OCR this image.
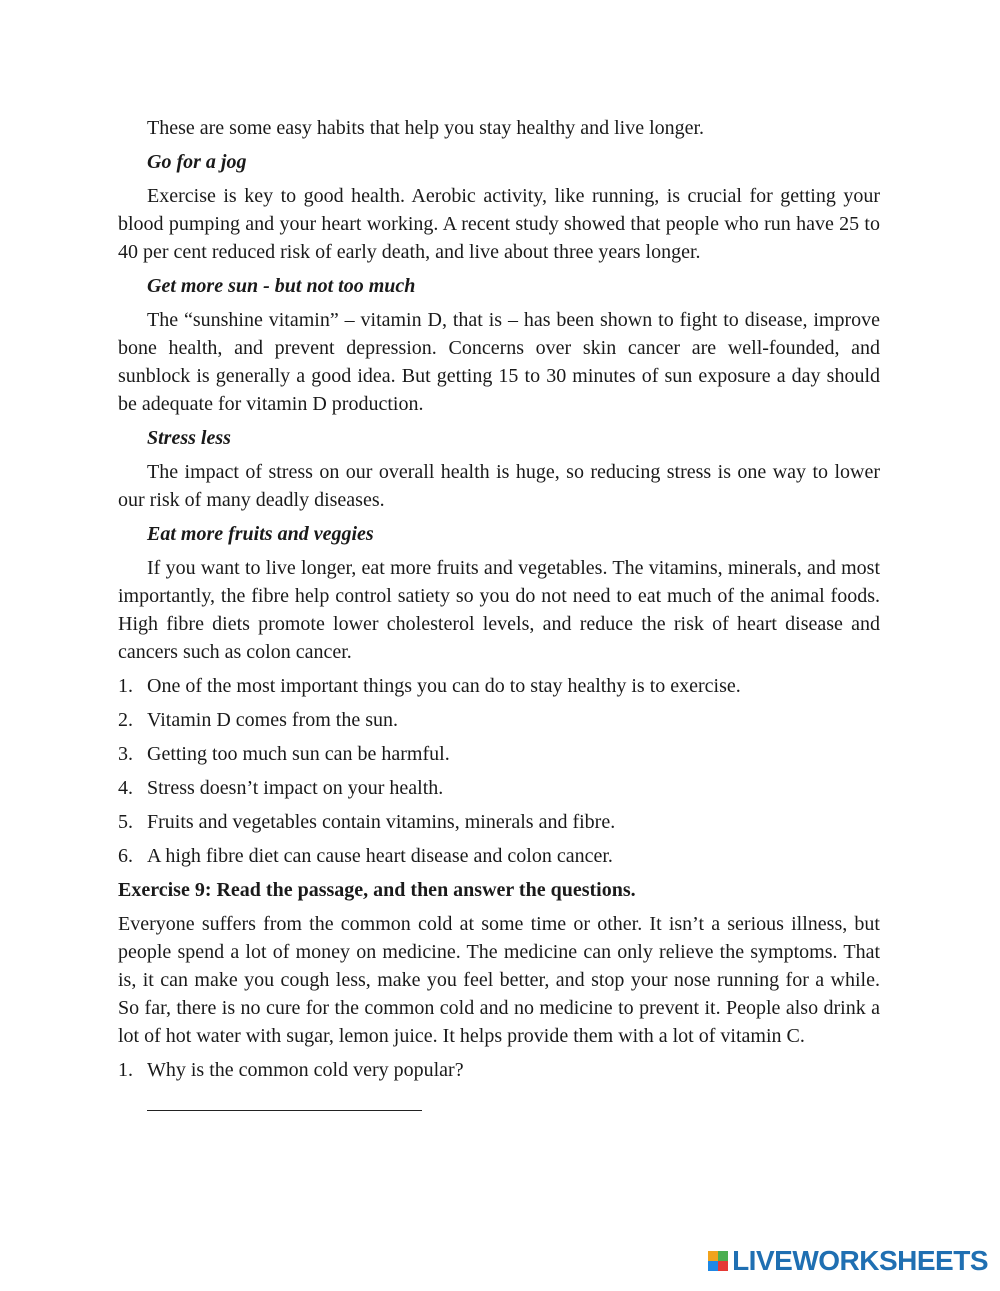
These are some easy habits that help you stay healthy and live longer.

Go for a jog

Exercise is key to good health. Aerobic activity, like running, is crucial for getting your blood pumping and your heart working. A recent study showed that people who run have 25 to 40 per cent reduced risk of early death, and live about three years longer.

Get more sun - but not too much

The “sunshine vitamin” – vitamin D, that is – has been shown to fight to disease, improve bone health, and prevent depression. Concerns over skin cancer are well-founded, and sunblock is generally a good idea. But getting 15 to 30 minutes of sun exposure a day should be adequate for vitamin D production.

Stress less

The impact of stress on our overall health is huge, so reducing stress is one way to lower our risk of many deadly diseases.

Eat more fruits and veggies

If you want to live longer, eat more fruits and vegetables. The vitamins, minerals, and most importantly, the fibre help control satiety so you do not need to eat much of the animal foods. High fibre diets promote lower cholesterol levels, and reduce the risk of heart disease and cancers such as colon cancer.

1. One of the most important things you can do to stay healthy is to exercise.
2. Vitamin D comes from the sun.
3. Getting too much sun can be harmful.
4. Stress doesn’t impact on your health.
5. Fruits and vegetables contain vitamins, minerals and fibre.
6. A high fibre diet can cause heart disease and colon cancer.
Exercise 9: Read the passage, and then answer the questions.

Everyone suffers from the common cold at some time or other. It isn’t a serious illness, but people spend a lot of money on medicine. The medicine can only relieve the symptoms. That is, it can make you cough less, make you feel better, and stop your nose running for a while. So far, there is no cure for the common cold and no medicine to prevent it. People also drink a lot of hot water with sugar, lemon juice. It helps provide them with a lot of vitamin C.

1. Why is the common cold very popular?
LIVEWORKSHEETS
